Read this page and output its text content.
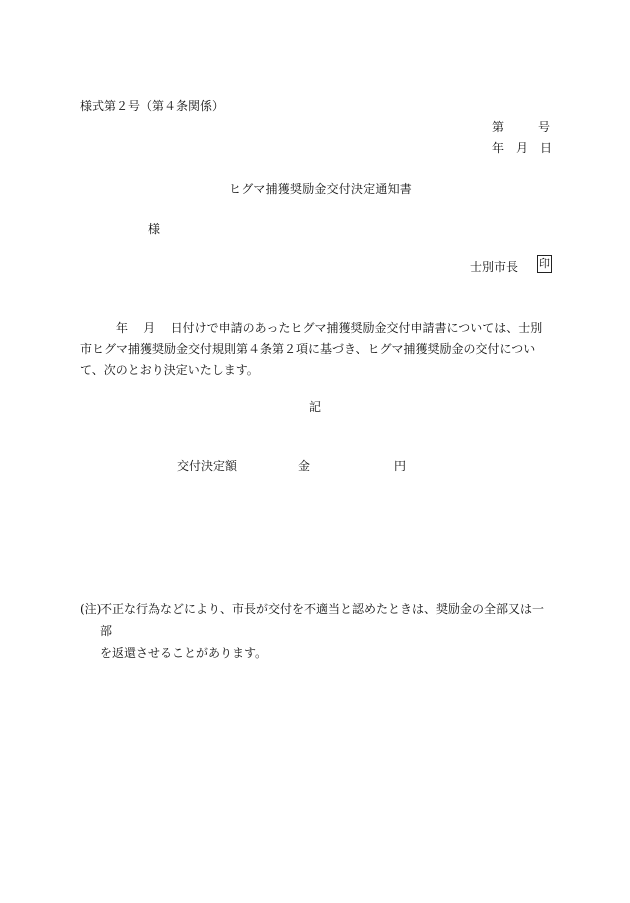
様式第２号（第４条関係）
第	号
年 月 日
ヒグマ捕獲奨励金交付決定通知書
様
士別市長 印
年 月 日付けで申請のあったヒグマ捕獲奨励金交付申請書については、士別市ヒグマ捕獲奨励金交付規則第４条第２項に基づき、ヒグマ捕獲奨励金の交付について、次のとおり決定いたします。
記
交付決定額	金	円
(注)
不正な行為などにより、市長が交付を不適当と認めたときは、奨励金の全部又は一部
を返還させることがあります。
